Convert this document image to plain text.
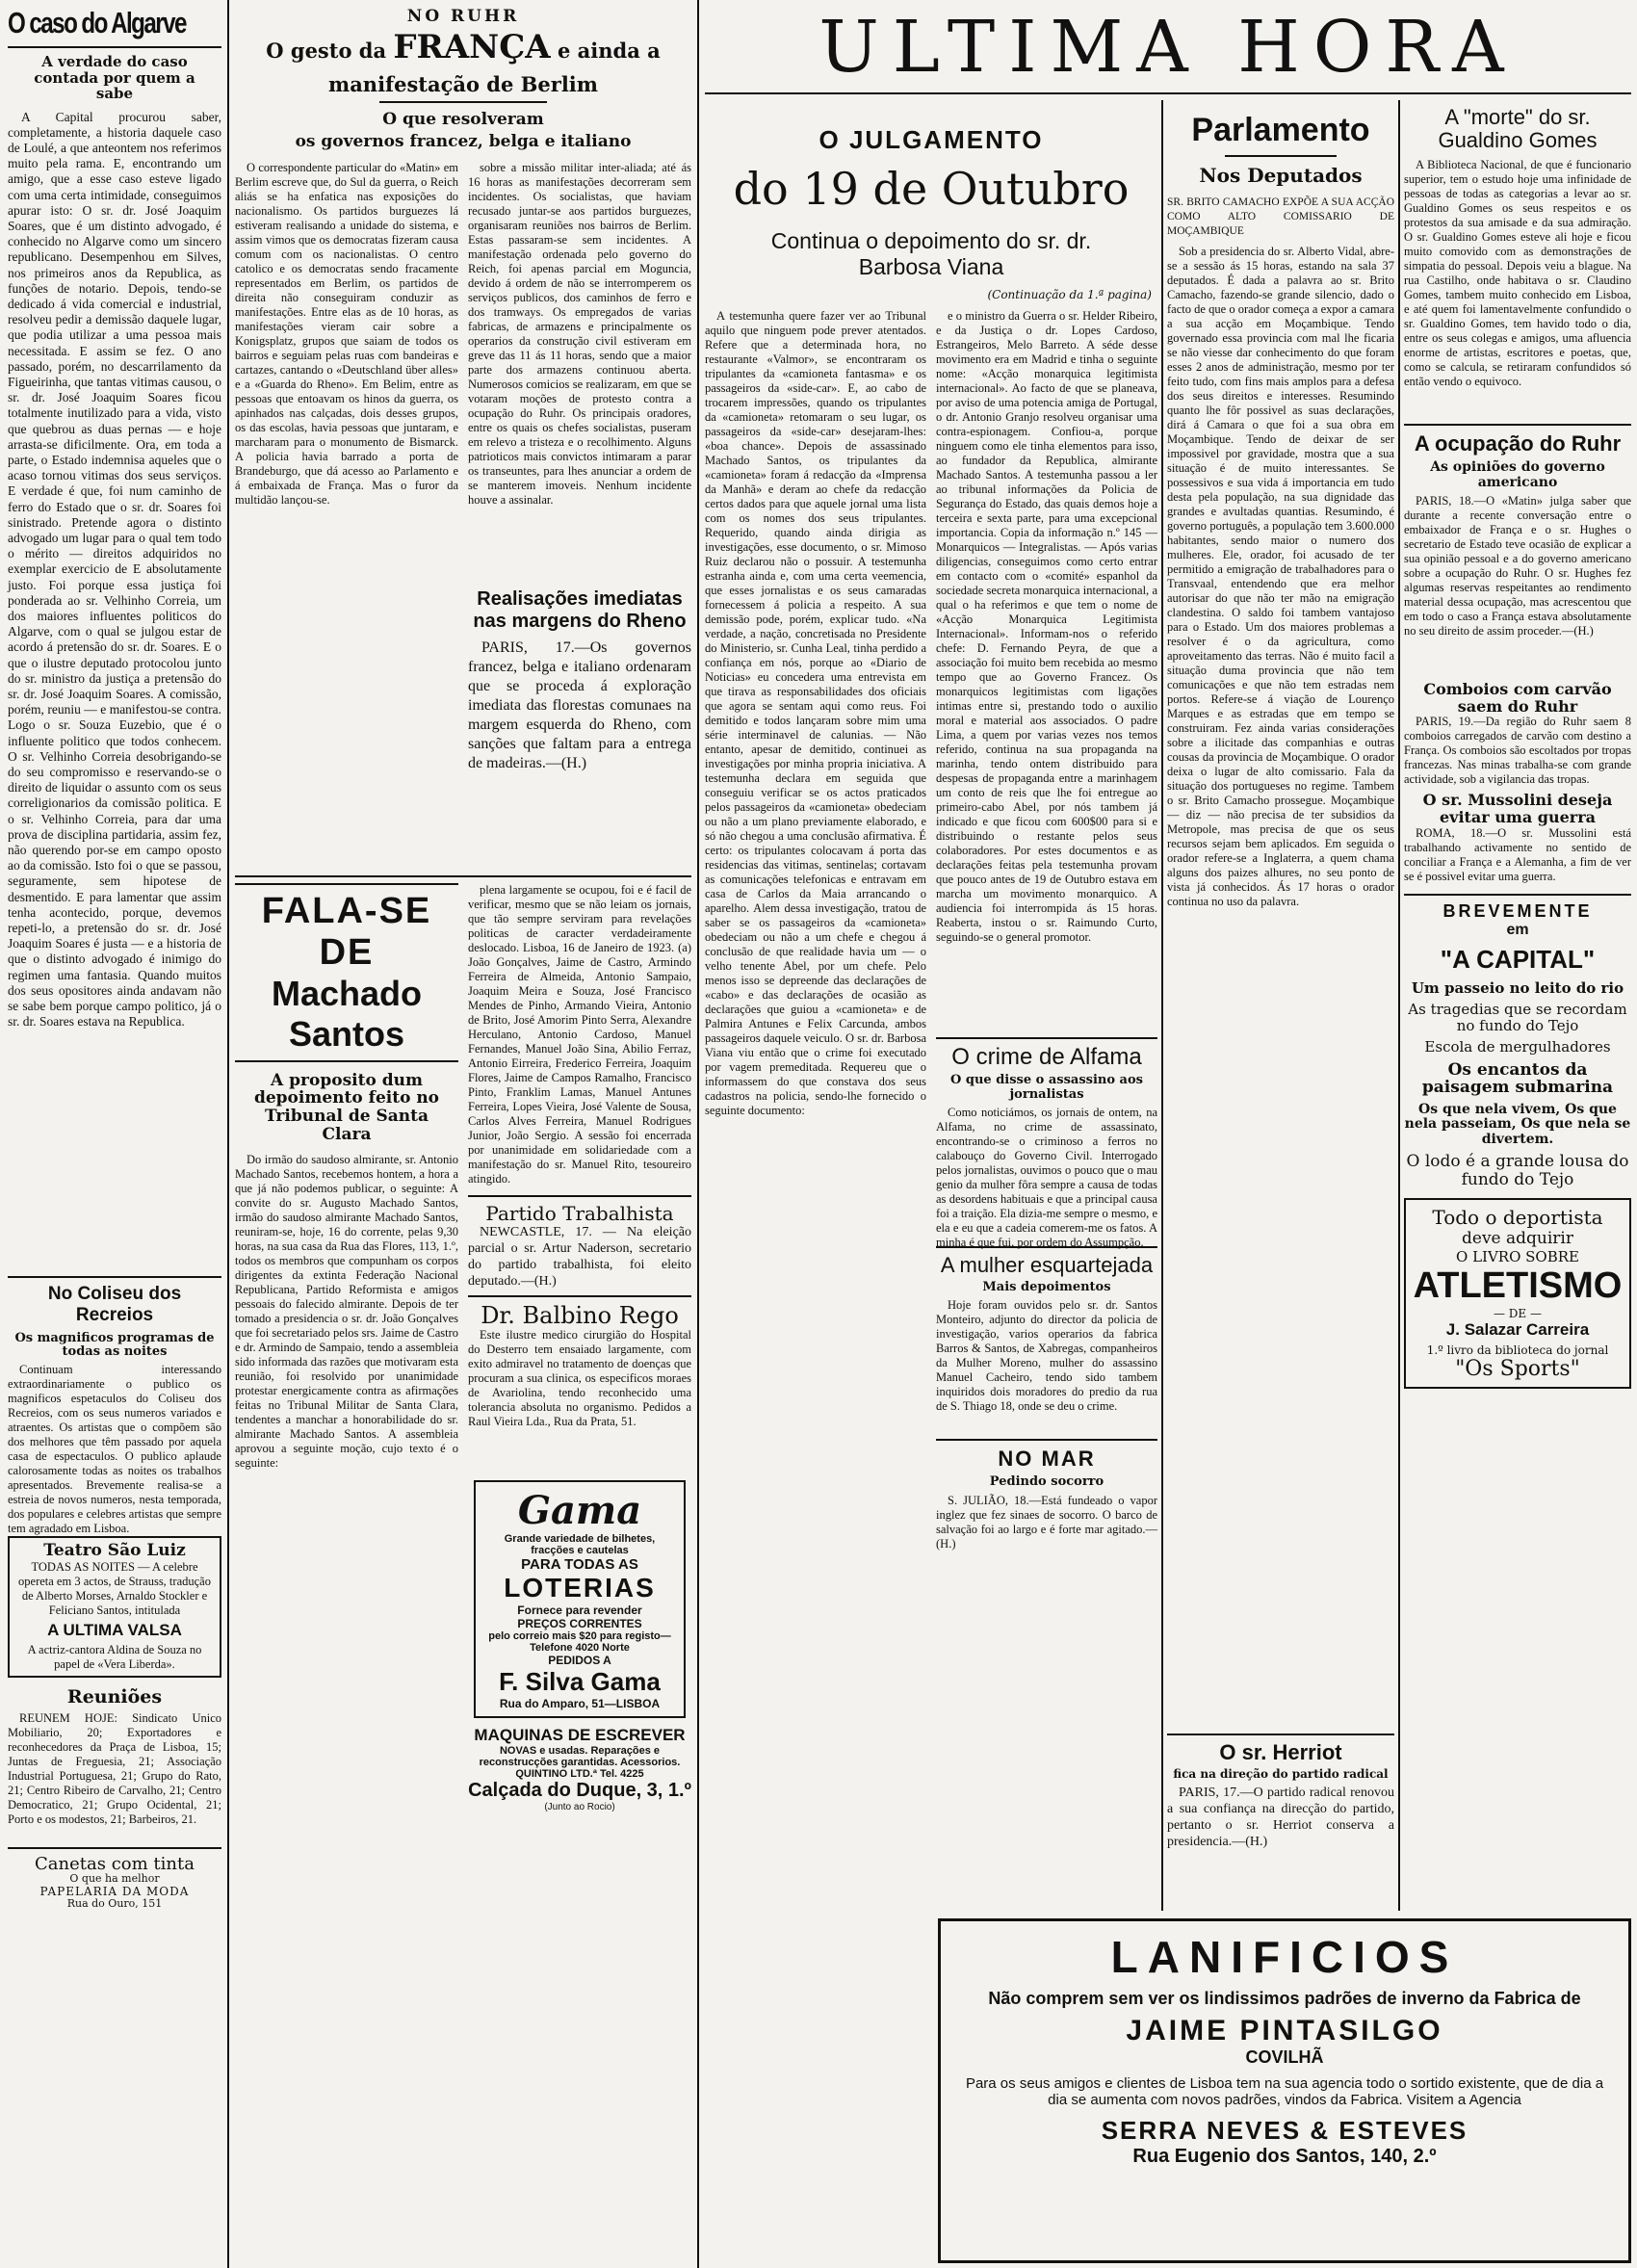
O caso do Algarve
A verdade do caso contada por quem a sabe
A Capital procurou saber, completamente, a historia daquele caso de Loulé, a que anteontem nos referimos muito pela rama. E, encontrando um amigo, que a esse caso esteve ligado com uma certa intimidade, conseguimos apurar isto: O sr. dr. José Joaquim Soares, que é um distinto advogado, é conhecido no Algarve como um sincero republicano. Desempenhou em Silves, nos primeiros anos da Republica, as funções de notario. Depois, tendo-se dedicado á vida comercial e industrial, resolveu pedir a demissão daquele lugar, que podia utilizar a uma pessoa mais necessitada. E assim se fez. O ano passado, porém, no descarrilamento da Figueirinha, que tantas vitimas causou, o sr. dr. José Joaquim Soares ficou totalmente inutilizado para a vida, visto que quebrou as duas pernas — e hoje arrasta-se dificilmente. Ora, em toda a parte, o Estado indemnisa aqueles que o acaso tornou vitimas dos seus serviços. E verdade é que, foi num caminho de ferro do Estado que o sr. dr. Soares foi sinistrado. Pretende agora o distinto advogado um lugar para o qual tem todo o mérito — direitos adquiridos no exemplar exercicio de E absolutamente justo. Foi porque essa justiça foi ponderada ao sr. Velhinho Correia, um dos maiores influentes politicos do Algarve, com o qual se julgou estar de acordo á pretensão do sr. dr. Soares. E o que o ilustre deputado protocolou junto do sr. ministro da justiça a pretensão do sr. dr. José Joaquim Soares. A comissão, porém, reuniu — e manifestou-se contra. Logo o sr. Souza Euzebio, que é o influente politico que todos conhecem. O sr. Velhinho Correia desobrigando-se do seu compromisso e reservando-se o direito de liquidar o assunto com os seus correligionarios da comissão politica. E o sr. Velhinho Correia, para dar uma prova de disciplina partidaria, assim fez, não querendo por-se em campo oposto ao da comissão. Isto foi o que se passou, seguramente, sem hipotese de desmentido. E para lamentar que assim tenha acontecido, porque, devemos repeti-lo, a pretensão do sr. dr. José Joaquim Soares é justa — e a historia de que o distinto advogado é inimigo do regimen uma fantasia. Quando muitos dos seus opositores ainda andavam não se sabe bem porque campo politico, já o sr. dr. Soares estava na Republica.
No Coliseu dos Recreios
Os magnificos programas de todas as noites
Continuam interessando extraordinariamente o publico os magnificos espetaculos do Coliseu dos Recreios, com os seus numeros variados e atraentes. Os artistas que o compõem são dos melhores que têm passado por aquela casa de espectaculos. O publico aplaude calorosamente todas as noites os trabalhos apresentados. Brevemente realisa-se a estreia de novos numeros, nesta temporada, dos populares e celebres artistas que sempre tem agradado em Lisboa.
Teatro São Luiz
TODAS AS NOITES — A celebre opereta em 3 actos, de Strauss, tradução de Alberto Morses, Arnaldo Stockler e Feliciano Santos, intitulada
A ULTIMA VALSA
A actriz-cantora Aldina de Souza no papel de «Vera Liberda».
Reuniões
REUNEM HOJE: Sindicato Unico Mobiliario, 20; Exportadores e reconhecedores da Praça de Lisboa, 15; Juntas de Freguesia, 21; Associação Industrial Portuguesa, 21; Grupo do Rato, 21; Centro Ribeiro de Carvalho, 21; Centro Democratico, 21; Grupo Ocidental, 21; Porto e os modestos, 21; Barbeiros, 21.
Canetas com tinta
O que ha melhor
PAPELARIA DA MODA
Rua do Ouro, 151
NO RUHR
O gesto da FRANÇA e ainda a
manifestação de Berlim
O que resolveram
os governos francez, belga e italiano
O correspondente particular do «Matin» em Berlim escreve que, do Sul da guerra, o Reich aliás se ha enfatica nas exposições do nacionalismo. Os partidos burguezes lá estiveram realisando a unidade do sistema, e assim vimos que os democratas fizeram causa comum com os nacionalistas. O centro catolico e os democratas sendo fracamente representados em Berlim, os partidos de direita não conseguiram conduzir as manifestações. Entre elas as de 10 horas, as manifestações vieram cair sobre a Konigsplatz, grupos que saiam de todos os bairros e seguiam pelas ruas com bandeiras e cartazes, cantando o «Deutschland über alles» e a «Guarda do Rheno». Em Belim, entre as pessoas que entoavam os hinos da guerra, os apinhados nas calçadas, dois desses grupos, os das escolas, havia pessoas que juntaram, e marcharam para o monumento de Bismarck. A policia havia barrado a porta de Brandeburgo, que dá acesso ao Parlamento e á embaixada de França. Mas o furor da multidão lançou-se.
sobre a missão militar inter-aliada; até ás 16 horas as manifestações decorreram sem incidentes. Os socialistas, que haviam recusado juntar-se aos partidos burguezes, organisaram reuniões nos bairros de Berlim. Estas passaram-se sem incidentes. A manifestação ordenada pelo governo do Reich, foi apenas parcial em Moguncia, devido á ordem de não se interromperem os serviços publicos, dos caminhos de ferro e dos tramways. Os empregados de varias fabricas, de armazens e principalmente os operarios da construção civil estiveram em greve das 11 ás 11 horas, sendo que a maior parte dos armazens continuou aberta. Numerosos comicios se realizaram, em que se votaram moções de protesto contra a ocupação do Ruhr. Os principais oradores, entre os quais os chefes socialistas, puseram em relevo a tristeza e o recolhimento. Alguns patrioticos mais convictos intimaram a parar os transeuntes, para lhes anunciar a ordem de se manterem imoveis. Nenhum incidente houve a assinalar.
Realisações imediatas nas margens do Rheno
PARIS, 17.—Os governos francez, belga e italiano ordenaram que se proceda á exploração imediata das florestas comunaes na margem esquerda do Rheno, com sanções que faltam para a entrega de madeiras.—(H.)
FALA-SE DE
Machado Santos
A proposito dum depoimento feito no Tribunal de Santa Clara
Do irmão do saudoso almirante, sr. Antonio Machado Santos, recebemos hontem, a hora a que já não podemos publicar, o seguinte: A convite do sr. Augusto Machado Santos, irmão do saudoso almirante Machado Santos, reuniram-se, hoje, 16 do corrente, pelas 9,30 horas, na sua casa da Rua das Flores, 113, 1.º, todos os membros que compunham os corpos dirigentes da extinta Federação Nacional Republicana, Partido Reformista e amigos pessoais do falecido almirante. Depois de ter tomado a presidencia o sr. dr. João Gonçalves que foi secretariado pelos srs. Jaime de Castro e dr. Armindo de Sampaio, tendo a assembleia sido informada das razões que motivaram esta reunião, foi resolvido por unanimidade protestar energicamente contra as afirmações feitas no Tribunal Militar de Santa Clara, tendentes a manchar a honorabilidade do sr. almirante Machado Santos. A assembleia aprovou a seguinte moção, cujo texto é o seguinte:
plena largamente se ocupou, foi e é facil de verificar, mesmo que se não leiam os jornais, que tão sempre serviram para revelações politicas de caracter verdadeiramente deslocado. Lisboa, 16 de Janeiro de 1923. (a) João Gonçalves, Jaime de Castro, Armindo Ferreira de Almeida, Antonio Sampaio, Joaquim Meira e Souza, José Francisco Mendes de Pinho, Armando Vieira, Antonio de Brito, José Amorim Pinto Serra, Alexandre Herculano, Antonio Cardoso, Manuel Fernandes, Manuel João Sina, Abilio Ferraz, Antonio Eirreira, Frederico Ferreira, Joaquim Flores, Jaime de Campos Ramalho, Francisco Pinto, Franklim Lamas, Manuel Antunes Ferreira, Lopes Vieira, José Valente de Sousa, Carlos Alves Ferreira, Manuel Rodrigues Junior, João Sergio. A sessão foi encerrada por unanimidade em solidariedade com a manifestação do sr. Manuel Rito, tesoureiro atingido.
Partido Trabalhista
NEWCASTLE, 17. — Na eleição parcial o sr. Artur Naderson, secretario do partido trabalhista, foi eleito deputado.—(H.)
Dr. Balbino Rego
Este ilustre medico cirurgião do Hospital do Desterro tem ensaiado largamente, com exito admiravel no tratamento de doenças que procuram a sua clinica, os especificos moraes de Avariolina, tendo reconhecido uma tolerancia absoluta no organismo. Pedidos a Raul Vieira Lda., Rua da Prata, 51.
Gama
Grande variedade de bilhetes, fracções e cautelas
PARA TODAS AS
LOTERIAS
Fornece para revender
PREÇOS CORRENTES
pelo correio mais $20 para registo—Telefone 4020 Norte
PEDIDOS A
F. Silva Gama
Rua do Amparo, 51—LISBOA
MAQUINAS DE ESCREVER
NOVAS e usadas. Reparações e reconstrucções garantidas. Acessorios. QUINTINO LTD.ª Tel. 4225
Calçada do Duque, 3, 1.º
(Junto ao Rocio)
ULTIMA HORA
O JULGAMENTO
do 19 de Outubro
Continua o depoimento do sr. dr. Barbosa Viana
(Continuação da 1.ª pagina)
A testemunha quere fazer ver ao Tribunal aquilo que ninguem pode prever atentados. Refere que a determinada hora, no restaurante «Valmor», se encontraram os tripulantes da «camioneta fantasma» e os passageiros da «side-car». E, ao cabo de trocarem impressões, quando os tripulantes da «camioneta» retomaram o seu lugar, os passageiros da «side-car» desejaram-lhes: «boa chance». Depois de assassinado Machado Santos, os tripulantes da «camioneta» foram á redacção da «Imprensa da Manhã» e deram ao chefe da redacção certos dados para que aquele jornal uma lista com os nomes dos seus tripulantes. Requerido, quando ainda dirigia as investigações, esse documento, o sr. Mimoso Ruiz declarou não o possuir. A testemunha estranha ainda e, com uma certa veemencia, que esses jornalistas e os seus camaradas fornecessem á policia a respeito. A sua demissão pode, porém, explicar tudo. «Na verdade, a nação, concretisada no Presidente do Ministerio, sr. Cunha Leal, tinha perdido a confiança em nós, porque ao «Diario de Noticias» eu concedera uma entrevista em que tirava as responsabilidades dos oficiais que agora se sentam aqui como reus. Foi demitido e todos lançaram sobre mim uma série interminavel de calunias. — Não entanto, apesar de demitido, continuei as investigações por minha propria iniciativa. A testemunha declara em seguida que conseguiu verificar se os actos praticados pelos passageiros da «camioneta» obedeciam ou não a um plano previamente elaborado, e só não chegou a uma conclusão afirmativa. É certo: os tripulantes colocavam á porta das residencias das vitimas, sentinelas; cortavam as comunicações telefonicas e entravam em casa de Carlos da Maia arrancando o aparelho. Alem dessa investigação, tratou de saber se os passageiros da «camioneta» obedeciam ou não a um chefe e chegou á conclusão de que realidade havia um — o velho tenente Abel, por um chefe. Pelo menos isso se depreende das declarações de «cabo» e das declarações de ocasião as declarações que guiou a «camioneta» e de Palmira Antunes e Felix Carcunda, ambos passageiros daquele veiculo. O sr. dr. Barbosa Viana viu então que o crime foi executado por vagem premeditada. Requereu que o informassem do que constava dos seus cadastros na policia, sendo-lhe fornecido o seguinte documento:
e o ministro da Guerra o sr. Helder Ribeiro, e da Justiça o dr. Lopes Cardoso, Estrangeiros, Melo Barreto. A séde desse movimento era em Madrid e tinha o seguinte nome: «Acção monarquica legitimista internacional». Ao facto de que se planeava, por aviso de uma potencia amiga de Portugal, o dr. Antonio Granjo resolveu organisar uma contra-espionagem. Confiou-a, porque ninguem como ele tinha elementos para isso, ao fundador da Republica, almirante Machado Santos. A testemunha passou a ler ao tribunal informações da Policia de Segurança do Estado, das quais demos hoje a terceira e sexta parte, para uma excepcional importancia. Copia da informação n.º 145 — Monarquicos — Integralistas. — Após varias diligencias, conseguimos como certo entrar em contacto com o «comité» espanhol da sociedade secreta monarquica internacional, a qual o ha referimos e que tem o nome de «Acção Monarquica Legitimista Internacional». Informam-nos o referido chefe: D. Fernando Peyra, de que a associação foi muito bem recebida ao mesmo tempo que ao Governo Francez. Os monarquicos legitimistas com ligações intimas entre si, prestando todo o auxilio moral e material aos associados. O padre Lima, a quem por varias vezes nos temos referido, continua na sua propaganda na marinha, tendo ontem distribuido para despesas de propaganda entre a marinhagem um conto de reis que lhe foi entregue ao primeiro-cabo Abel, por nós tambem já indicado e que ficou com 600$00 para si e distribuindo o restante pelos seus colaboradores. Por estes documentos e as declarações feitas pela testemunha provam que pouco antes de 19 de Outubro estava em marcha um movimento monarquico. A audiencia foi interrompida ás 15 horas. Reaberta, instou o sr. Raimundo Curto, seguindo-se o general promotor.
O crime de Alfama
O que disse o assassino aos jornalistas
Como noticiámos, os jornais de ontem, na Alfama, no crime de assassinato, encontrando-se o criminoso a ferros no calabouço do Governo Civil. Interrogado pelos jornalistas, ouvimos o pouco que o mau genio da mulher fôra sempre a causa de todas as desordens habituais e que a principal causa foi a traição. Ela dizia-me sempre o mesmo, e ela e eu que a cadeia comerem-me os fatos. A minha é que fui, por ordem do Assumpção.
A mulher esquartejada
Mais depoimentos
Hoje foram ouvidos pelo sr. dr. Santos Monteiro, adjunto do director da policia de investigação, varios operarios da fabrica Barros & Santos, de Xabregas, companheiros da Mulher Moreno, mulher do assassino Manuel Cacheiro, tendo sido tambem inquiridos dois moradores do predio da rua de S. Thiago 18, onde se deu o crime.
NO MAR
Pedindo socorro
S. JULIÃO, 18.—Está fundeado o vapor inglez que fez sinaes de socorro. O barco de salvação foi ao largo e é forte mar agitado.—(H.)
Parlamento
Nos Deputados
SR. BRITO CAMACHO EXPÕE A SUA ACÇÃO COMO ALTO COMISSARIO DE MOÇAMBIQUE
Sob a presidencia do sr. Alberto Vidal, abre-se a sessão ás 15 horas, estando na sala 37 deputados. É dada a palavra ao sr. Brito Camacho, fazendo-se grande silencio, dado o facto de que o orador começa a expor a camara a sua acção em Moçambique. Tendo governado essa provincia com mal lhe ficaria se não viesse dar conhecimento do que foram esses 2 anos de administração, mesmo por ter feito tudo, com fins mais amplos para a defesa dos seus direitos e interesses. Resumindo quanto lhe fôr possivel as suas declarações, dirá á Camara o que foi a sua obra em Moçambique. Tendo de deixar de ser impossivel por gravidade, mostra que a sua situação é de muito interessantes. Se possessivos e sua vida á importancia em tudo desta pela população, na sua dignidade das grandes e avultadas quantias. Resumindo, é governo português, a população tem 3.600.000 habitantes, sendo maior o numero dos mulheres. Ele, orador, foi acusado de ter permitido a emigração de trabalhadores para o Transvaal, entendendo que era melhor autorisar do que não ter mão na emigração clandestina. O saldo foi tambem vantajoso para o Estado. Um dos maiores problemas a resolver é o da agricultura, como aproveitamento das terras. Não é muito facil a situação duma provincia que não tem comunicações e que não tem estradas nem portos. Refere-se á viação de Lourenço Marques e as estradas que em tempo se construiram. Fez ainda varias considerações sobre a ilicitade das companhias e outras cousas da provincia de Moçambique. O orador deixa o lugar de alto comissario. Fala da situação dos portugueses no regime. Tambem o sr. Brito Camacho prossegue. Moçambique — diz — não precisa de ter subsidios da Metropole, mas precisa de que os seus recursos sejam bem aplicados. Em seguida o orador refere-se a Inglaterra, a quem chama alguns dos paizes alhures, no seu ponto de vista já conhecidos. Ás 17 horas o orador continua no uso da palavra.
O sr. Herriot
fica na direção do partido radical
PARIS, 17.—O partido radical renovou a sua confiança na direcção do partido, pertanto o sr. Herriot conserva a presidencia.—(H.)
A "morte" do sr. Gualdino Gomes
A Biblioteca Nacional, de que é funcionario superior, tem o estudo hoje uma infinidade de pessoas de todas as categorias a levar ao sr. Gualdino Gomes os seus respeitos e os protestos da sua amisade e da sua admiração. O sr. Gualdino Gomes esteve ali hoje e ficou muito comovido com as demonstrações de simpatia do pessoal. Depois veiu a blague. Na rua Castilho, onde habitava o sr. Claudino Gomes, tambem muito conhecido em Lisboa, e até quem foi lamentavelmente confundido o sr. Gualdino Gomes, tem havido todo o dia, entre os seus colegas e amigos, uma afluencia enorme de artistas, escritores e poetas, que, como se calcula, se retiraram confundidos só então vendo o equivoco.
A ocupação do Ruhr
As opiniões do governo americano
PARIS, 18.—O «Matin» julga saber que durante a recente conversação entre o embaixador de França e o sr. Hughes o secretario de Estado teve ocasião de explicar a sua opinião pessoal e a do governo americano sobre a ocupação do Ruhr. O sr. Hughes fez algumas reservas respeitantes ao rendimento material dessa ocupação, mas acrescentou que em todo o caso a França estava absolutamente no seu direito de assim proceder.—(H.)
Comboios com carvão saem do Ruhr
PARIS, 19.—Da região do Ruhr saem 8 comboios carregados de carvão com destino a França. Os comboios são escoltados por tropas francezas. Nas minas trabalha-se com grande actividade, sob a vigilancia das tropas.
O sr. Mussolini deseja evitar uma guerra
ROMA, 18.—O sr. Mussolini está trabalhando activamente no sentido de conciliar a França e a Alemanha, a fim de ver se é possivel evitar uma guerra.
BREVEMENTE
em
"A CAPITAL"
Um passeio no leito do rio
As tragedias que se recordam no fundo do Tejo
Escola de mergulhadores
Os encantos da paisagem submarina
Os que nela vivem, Os que nela passeiam, Os que nela se divertem.
O lodo é a grande lousa do fundo do Tejo
Todo o deportista
deve adquirir
O LIVRO SOBRE
ATLETISMO
— DE —
J. Salazar Carreira
1.º livro da biblioteca do jornal
"Os Sports"
LANIFICIOS
Não comprem sem ver os lindissimos padrões de inverno da Fabrica de
JAIME PINTASILGO
COVILHÃ
Para os seus amigos e clientes de Lisboa tem na sua agencia todo o sortido existente, que de dia a dia se aumenta com novos padrões, vindos da Fabrica. Visitem a Agencia
SERRA NEVES & ESTEVES
Rua Eugenio dos Santos, 140, 2.º
